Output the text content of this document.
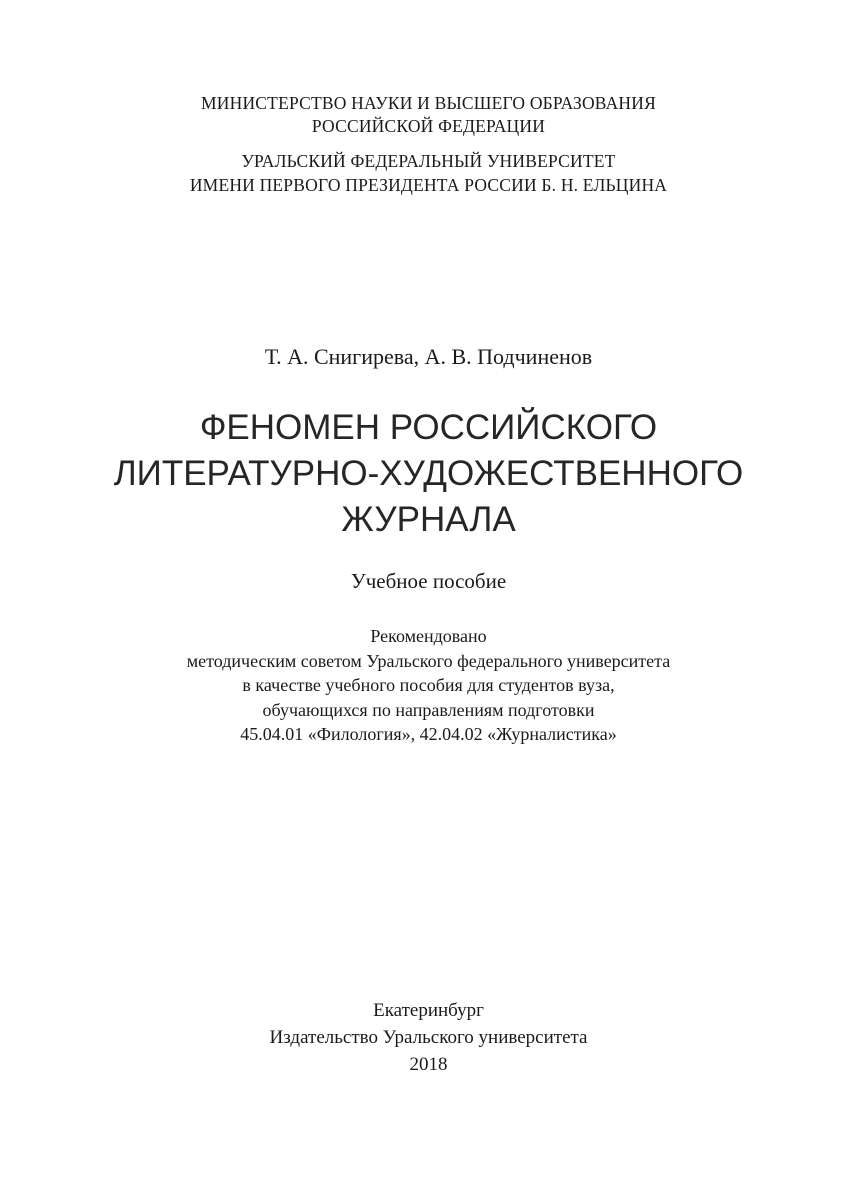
МИНИСТЕРСТВО НАУКИ И ВЫСШЕГО ОБРАЗОВАНИЯ
РОССИЙСКОЙ ФЕДЕРАЦИИ
УРАЛЬСКИЙ ФЕДЕРАЛЬНЫЙ УНИВЕРСИТЕТ
ИМЕНИ ПЕРВОГО ПРЕЗИДЕНТА РОССИИ Б. Н. ЕЛЬЦИНА
Т. А. Снигирева, А. В. Подчиненов
ФЕНОМЕН РОССИЙСКОГО
ЛИТЕРАТУРНО-ХУДОЖЕСТВЕННОГО
ЖУРНАЛА
Учебное пособие
Рекомендовано
методическим советом Уральского федерального университета
в качестве учебного пособия для студентов вуза,
обучающихся по направлениям подготовки
45.04.01 «Филология», 42.04.02 «Журналистика»
Екатеринбург
Издательство Уральского университета
2018
